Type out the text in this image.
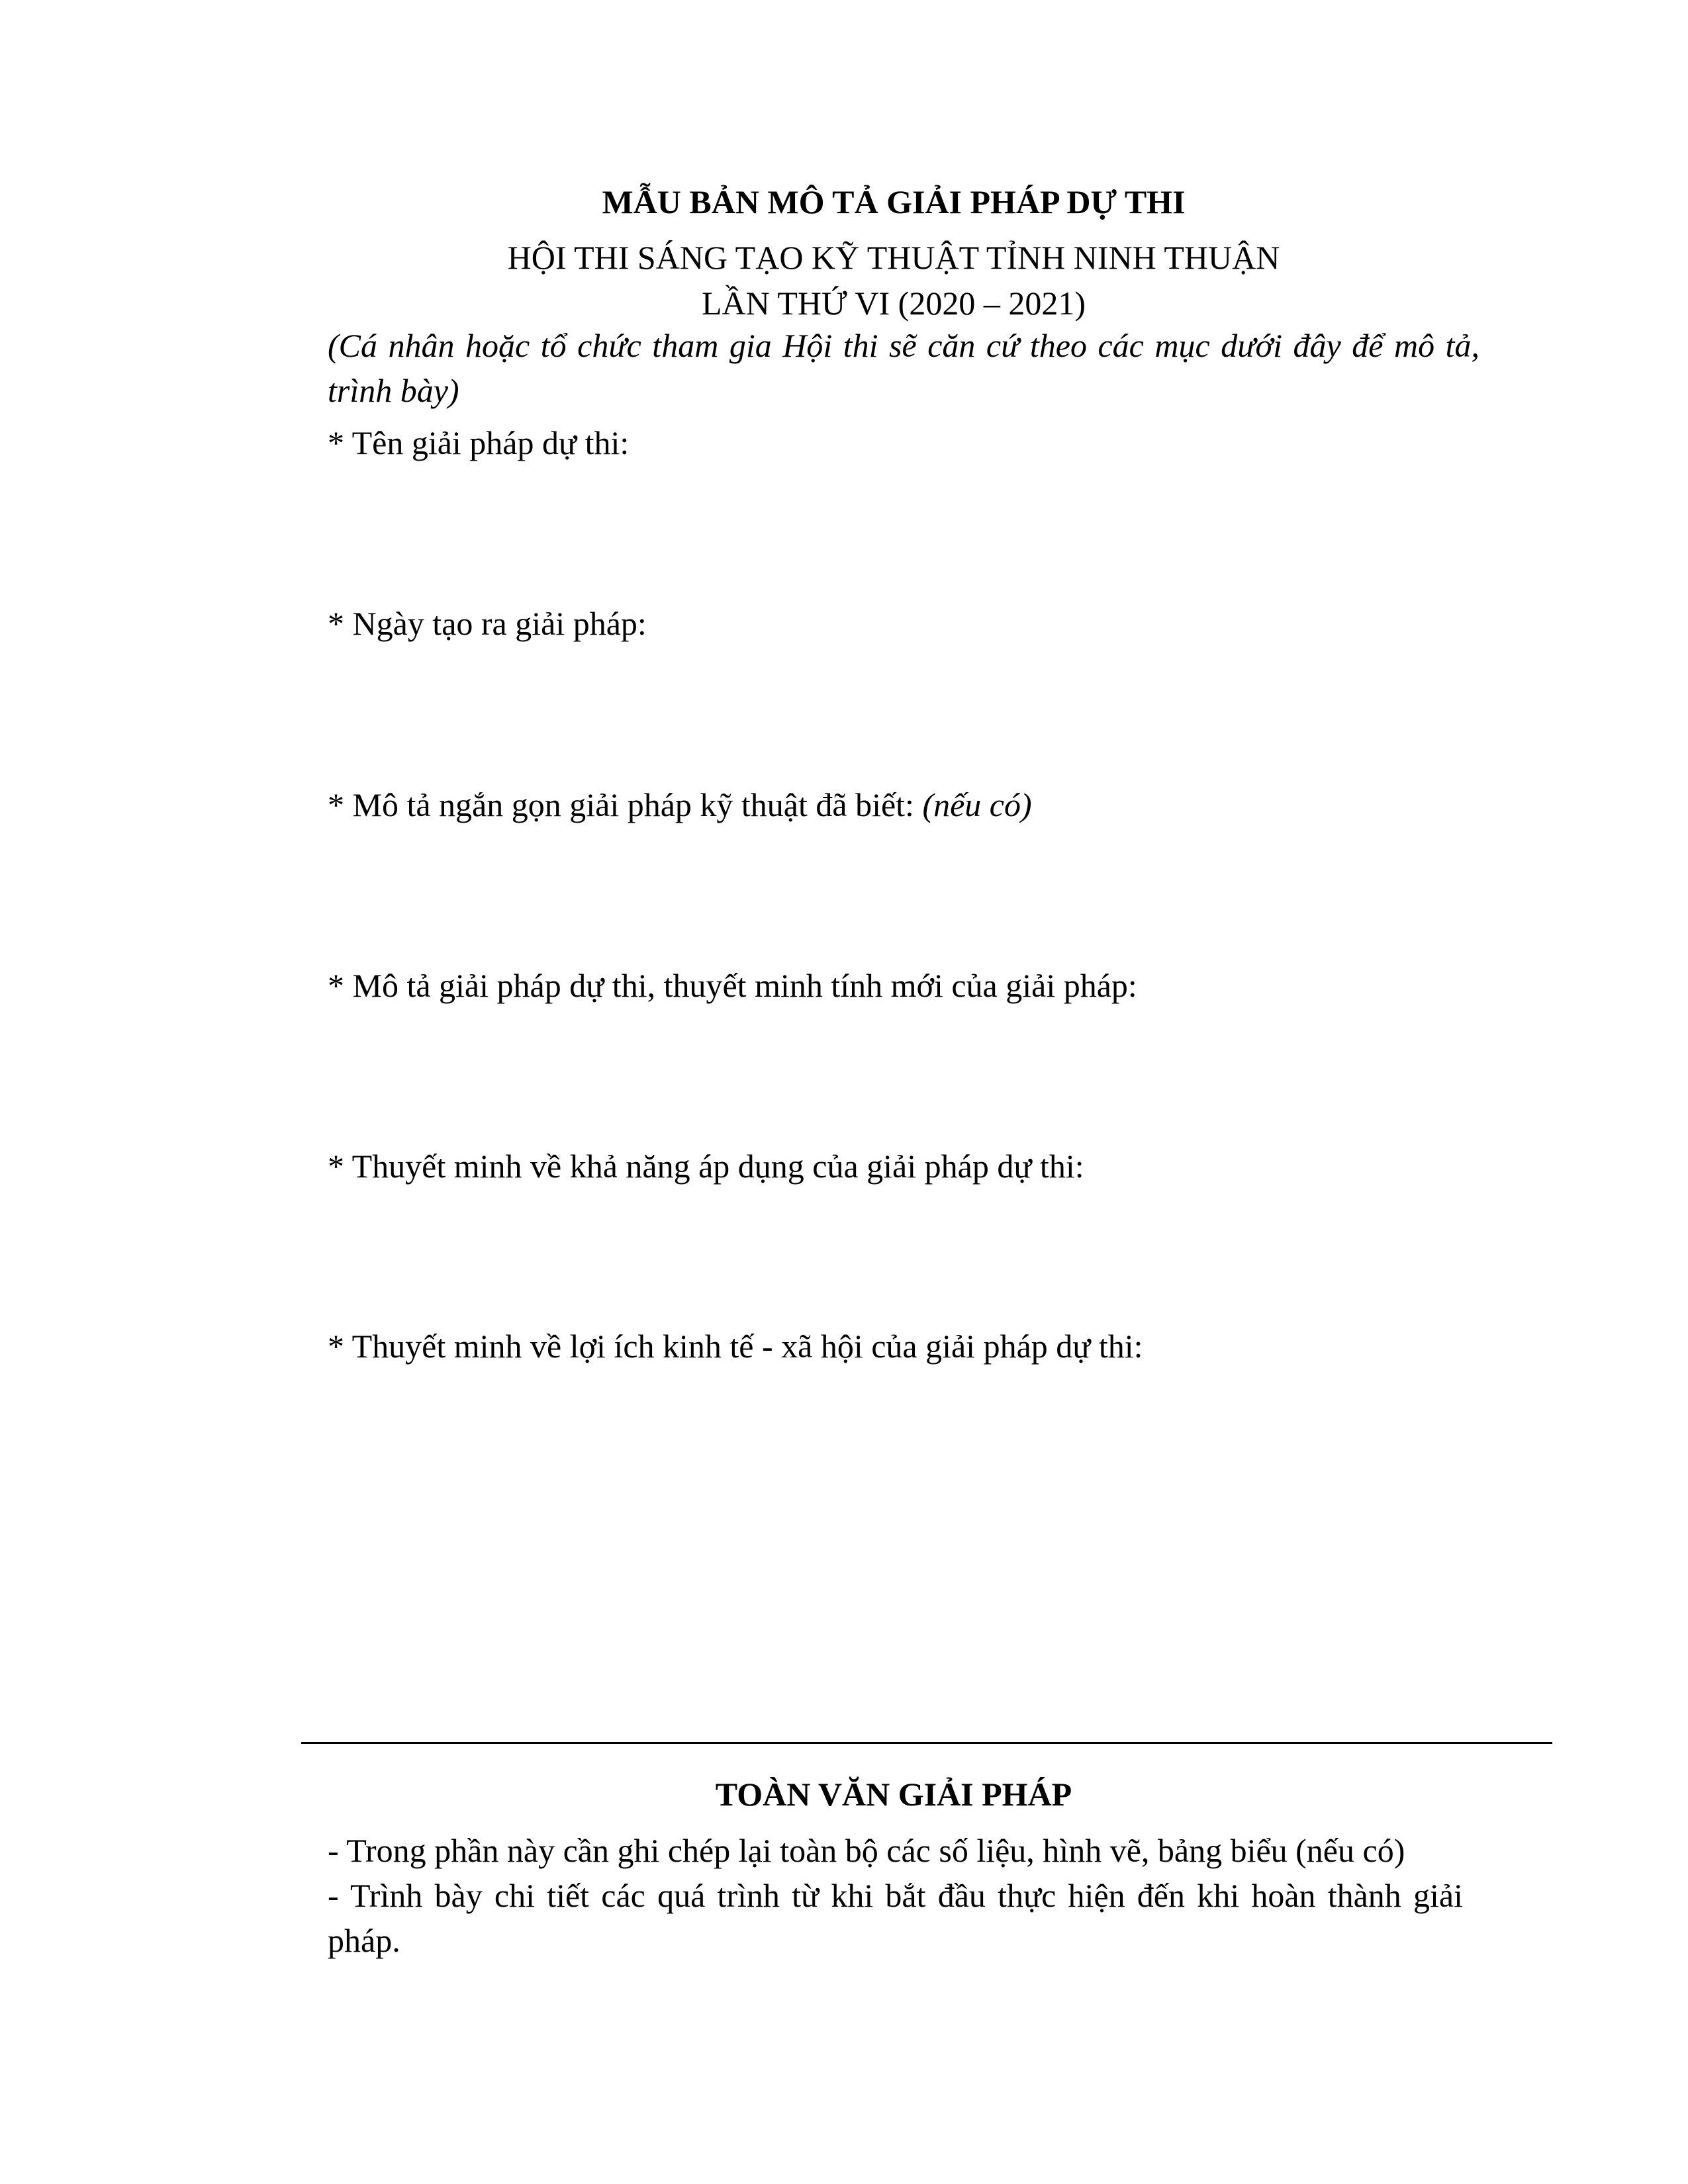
MẪU BẢN MÔ TẢ GIẢI PHÁP DỰ THI
HỘI THI SÁNG TẠO KỸ THUẬT TỈNH NINH THUẬN
LẦN THỨ VI (2020 – 2021)
(Cá nhân hoặc tổ chức tham gia Hội thi sẽ căn cứ theo các mục dưới đây để mô tả, trình bày)
* Tên giải pháp dự thi:
* Ngày tạo ra giải pháp:
* Mô tả ngắn gọn giải pháp kỹ thuật đã biết: (nếu có)
* Mô tả giải pháp dự thi, thuyết minh tính mới của giải pháp:
* Thuyết minh về khả năng áp dụng của giải pháp dự thi:
* Thuyết minh về lợi ích kinh tế - xã hội của giải pháp dự thi:
TOÀN VĂN GIẢI PHÁP

- Trong phần này cần ghi chép lại toàn bộ các số liệu, hình vẽ, bảng biểu (nếu có)

- Trình bày chi tiết các quá trình từ khi bắt đầu thực hiện đến khi hoàn thành giải pháp.
